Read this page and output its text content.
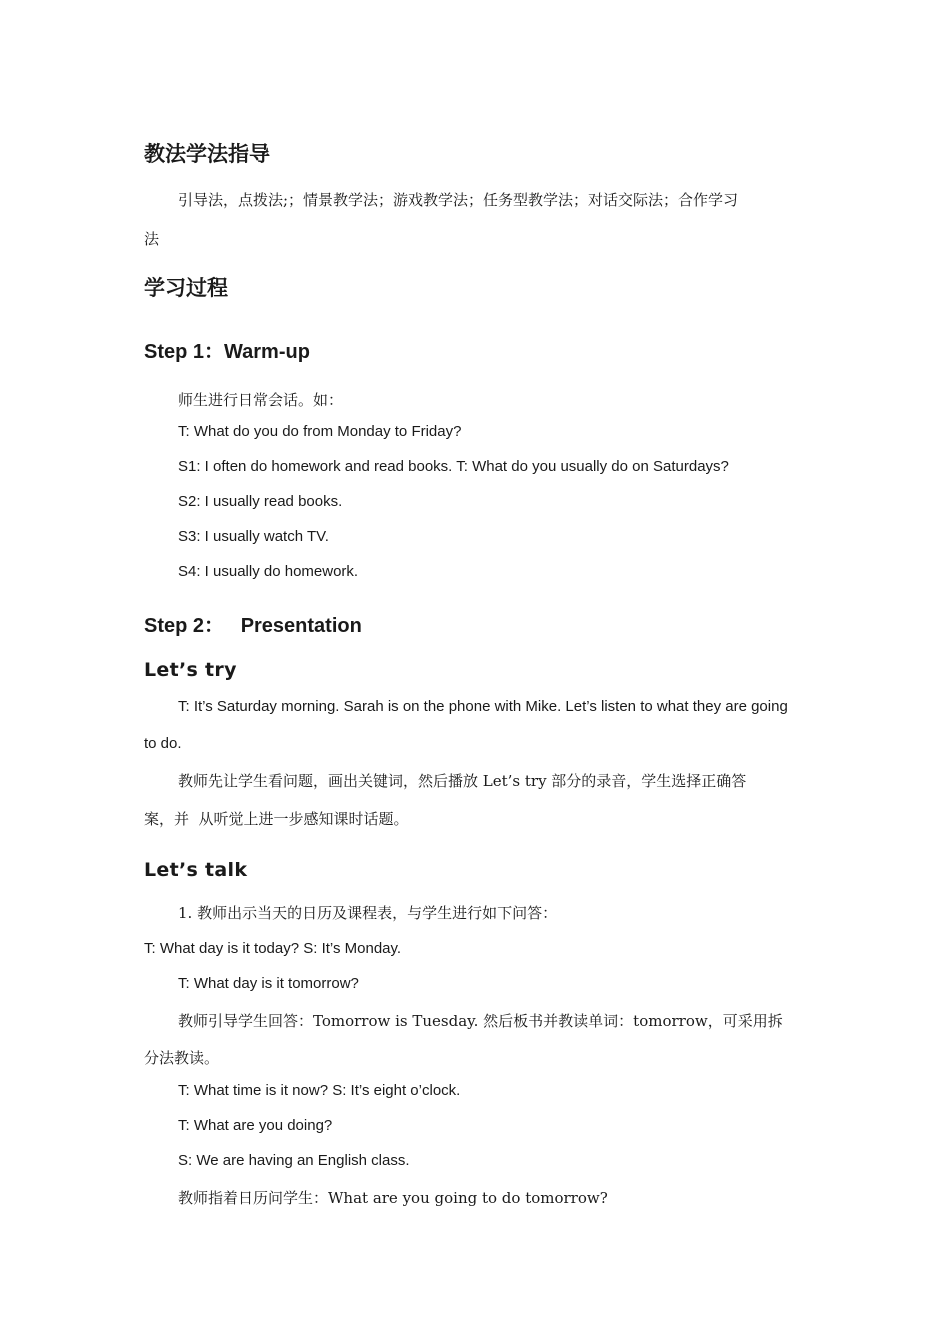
教法学法指导
引导法，点拨法;；情景教学法；游戏教学法；任务型教学法；对话交际法；合作学习
法
学习过程
Step 1：Warm-up
师生进行日常会话。如：
T: What do you do from Monday to Friday?
S1: I often do homework and read books. T: What do you usually do on Saturdays?
S2: I usually read books.
S3: I usually watch TV.
S4: I usually do homework.
Step 2：   Presentation
Let’s try
T: It’s Saturday morning. Sarah is on the phone with Mike. Let’s listen to what they are going
to do.
教师先让学生看问题，画出关键词，然后播放 Let’s try 部分的录音，学生选择正确答
案，并  从听觉上进一步感知课时话题。
Let’s talk
1. 教师出示当天的日历及课程表，与学生进行如下问答：
T: What day is it today? S: It’s Monday.
T: What day is it tomorrow?
教师引导学生回答：Tomorrow is Tuesday. 然后板书并教读单词：tomorrow，可采用拆
分法教读。
T: What time is it now? S: It’s eight o’clock.
T: What are you doing?
S: We are having an English class.
教师指着日历问学生：What are you going to do tomorrow?
